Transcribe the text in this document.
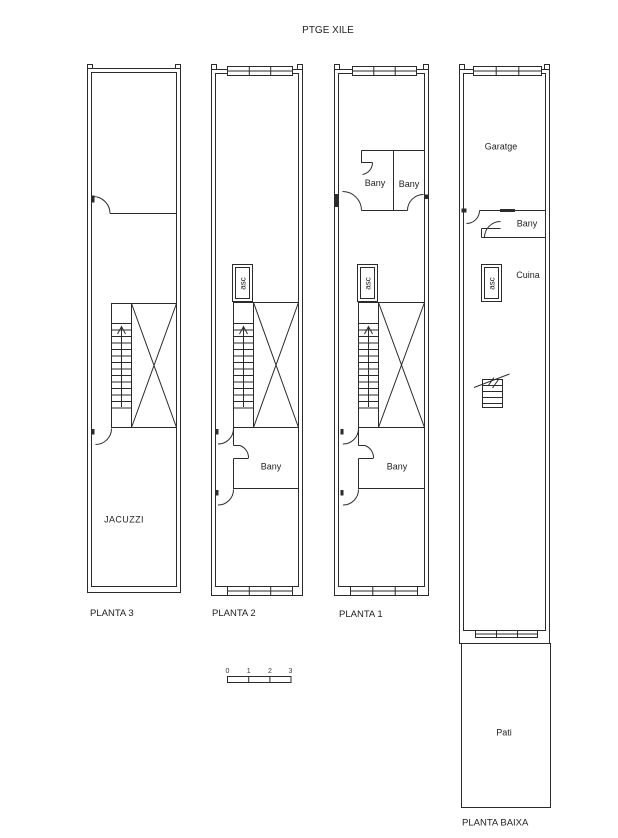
PTGE XILE
JACUZZI
PLANTA 3
asc
Bany
PLANTA 2
Bany Bany
asc
Bany
PLANTA 1
Garatge
Bany
Cuina
asc
Pati
PLANTA BAIXA
0 1 2 3
